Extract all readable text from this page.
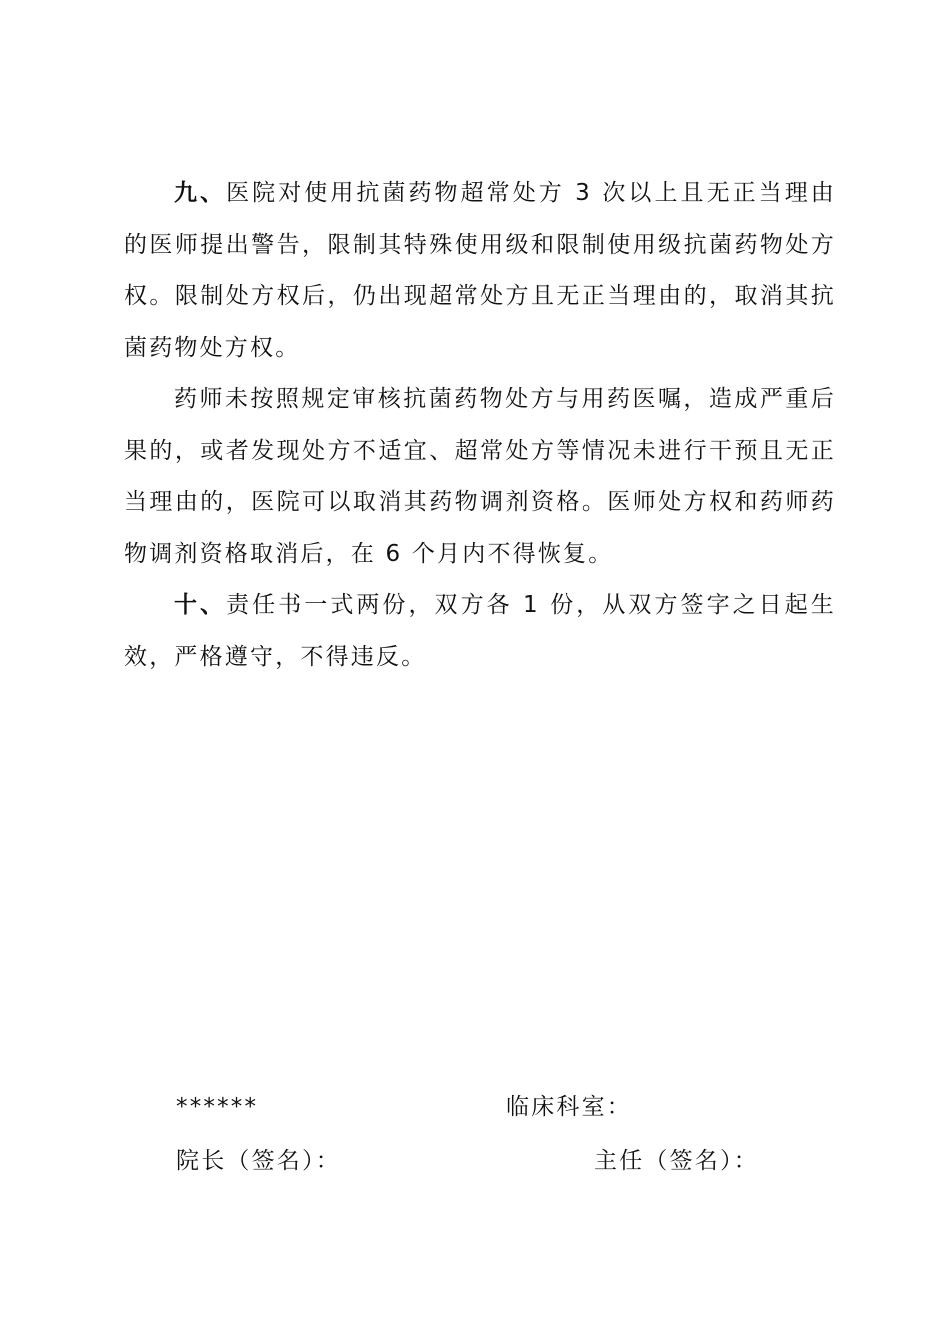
九、医院对使用抗菌药物超常处方 3 次以上且无正当理由的医师提出警告，限制其特殊使用级和限制使用级抗菌药物处方权。限制处方权后，仍出现超常处方且无正当理由的，取消其抗菌药物处方权。

药师未按照规定审核抗菌药物处方与用药医嘱，造成严重后果的，或者发现处方不适宜、超常处方等情况未进行干预且无正当理由的，医院可以取消其药物调剂资格。医师处方权和药师药物调剂资格取消后，在 6 个月内不得恢复。

十、责任书一式两份，双方各 1 份，从双方签字之日起生效，严格遵守，不得违反。

******	临床科室：
院长（签名）：	主任（签名）：
